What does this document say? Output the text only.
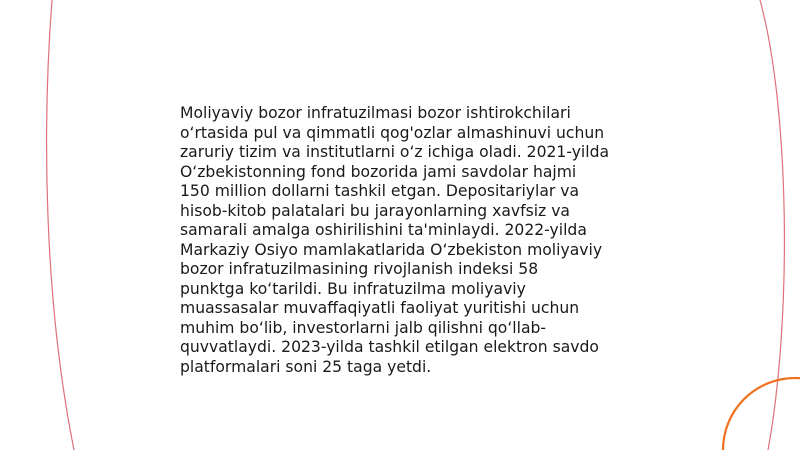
Moliyaviy bozor infratuzilmasi bozor ishtirokchilari
o‘rtasida pul va qimmatli qog'ozlar almashinuvi uchun
zaruriy tizim va institutlarni o‘z ichiga oladi. 2021-yilda
O‘zbekistonning fond bozorida jami savdolar hajmi
150 million dollarni tashkil etgan. Depositariylar va
hisob-kitob palatalari bu jarayonlarning xavfsiz va
samarali amalga oshirilishini ta'minlaydi. 2022-yilda
Markaziy Osiyo mamlakatlarida O‘zbekiston moliyaviy
bozor infratuzilmasining rivojlanish indeksi 58
punktga ko‘tarildi. Bu infratuzilma moliyaviy
muassasalar muvaffaqiyatli faoliyat yuritishi uchun
muhim bo‘lib, investorlarni jalb qilishni qo‘llab-
quvvatlaydi. 2023-yilda tashkil etilgan elektron savdo
platformalari soni 25 taga yetdi.
